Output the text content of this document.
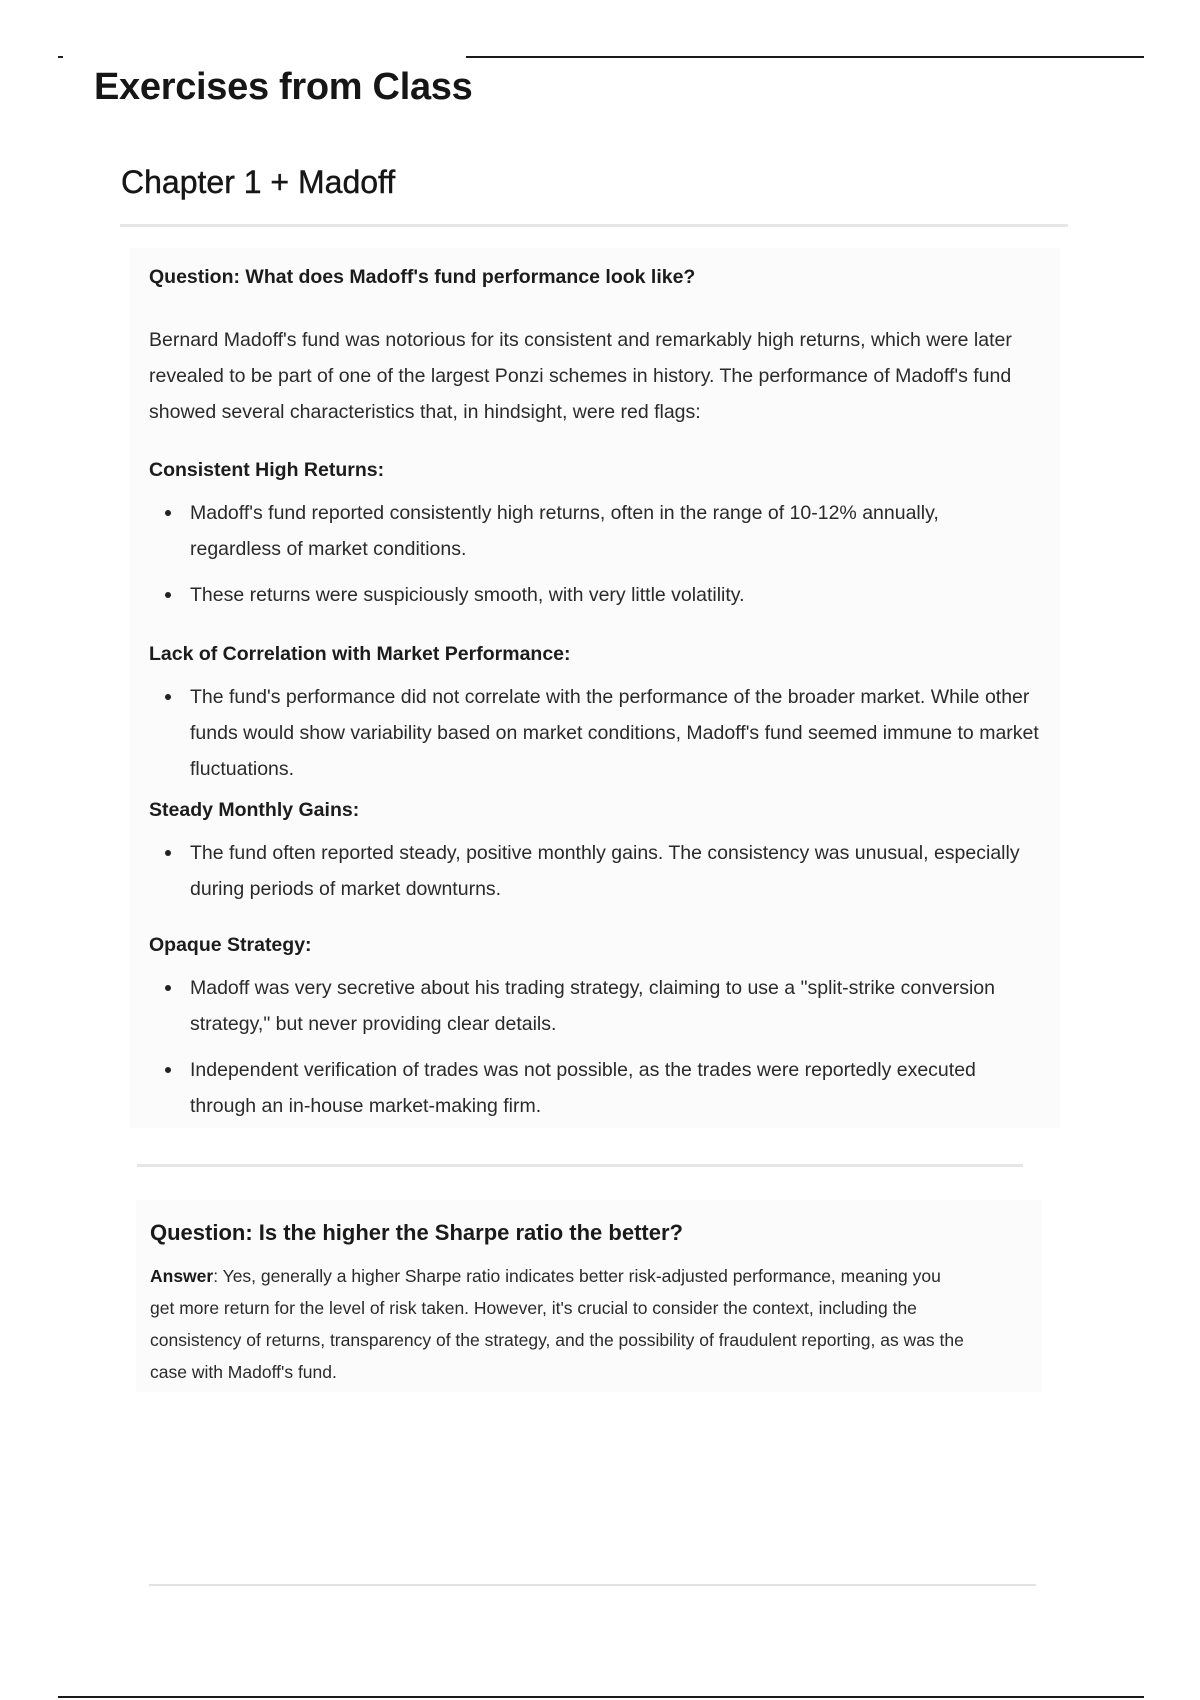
Exercises from Class
Chapter 1 + Madoff

Question: What does Madoff's fund performance look like?

Bernard Madoff's fund was notorious for its consistent and remarkably high returns, which were later revealed to be part of one of the largest Ponzi schemes in history. The performance of Madoff's fund showed several characteristics that, in hindsight, were red flags:

Consistent High Returns:

Madoff's fund reported consistently high returns, often in the range of 10-12% annually, regardless of market conditions.
These returns were suspiciously smooth, with very little volatility.

Lack of Correlation with Market Performance:

The fund's performance did not correlate with the performance of the broader market. While other funds would show variability based on market conditions, Madoff's fund seemed immune to market fluctuations.

Steady Monthly Gains:

The fund often reported steady, positive monthly gains. The consistency was unusual, especially during periods of market downturns.

Opaque Strategy:

Madoff was very secretive about his trading strategy, claiming to use a "split-strike conversion strategy," but never providing clear details.
Independent verification of trades was not possible, as the trades were reportedly executed through an in-house market-making firm.
Question: Is the higher the Sharpe ratio the better?

Answer: Yes, generally a higher Sharpe ratio indicates better risk-adjusted performance, meaning you get more return for the level of risk taken. However, it's crucial to consider the context, including the consistency of returns, transparency of the strategy, and the possibility of fraudulent reporting, as was the case with Madoff's fund.
